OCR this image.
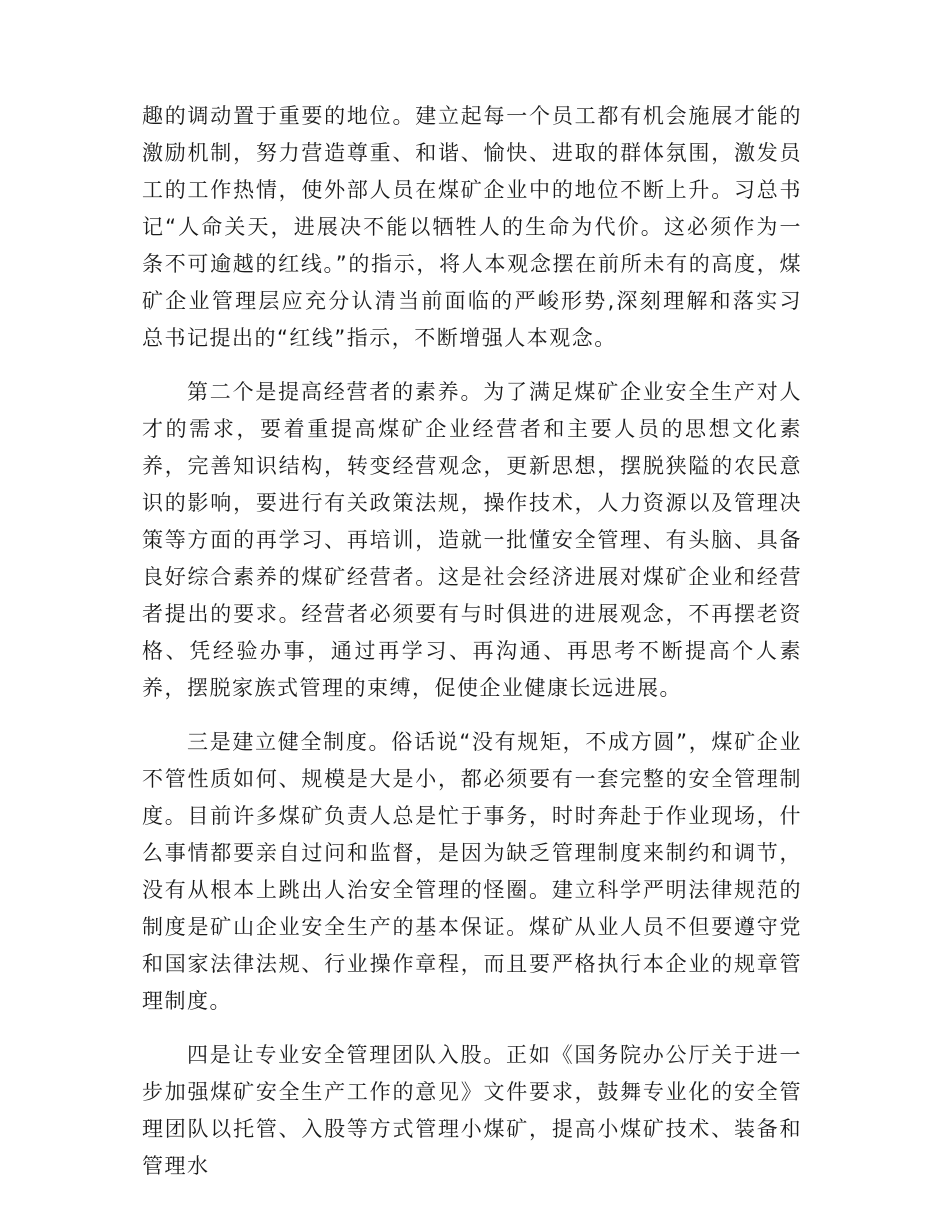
趣的调动置于重要的地位。建立起每一个员工都有机会施展才能的激励机制，努力营造尊重、和谐、愉快、进取的群体氛围，激发员工的工作热情，使外部人员在煤矿企业中的地位不断上升。习总书记“人命关天，进展决不能以牺牲人的生命为代价。这必须作为一条不可逾越的红线。”的指示，将人本观念摆在前所未有的高度，煤矿企业管理层应充分认清当前面临的严峻形势,深刻理解和落实习总书记提出的“红线”指示，不断增强人本观念。

第二个是提高经营者的素养。为了满足煤矿企业安全生产对人才的需求，要着重提高煤矿企业经营者和主要人员的思想文化素养，完善知识结构，转变经营观念，更新思想，摆脱狭隘的农民意识的影响，要进行有关政策法规，操作技术，人力资源以及管理决策等方面的再学习、再培训，造就一批懂安全管理、有头脑、具备良好综合素养的煤矿经营者。这是社会经济进展对煤矿企业和经营者提出的要求。经营者必须要有与时俱进的进展观念，不再摆老资格、凭经验办事，通过再学习、再沟通、再思考不断提高个人素养，摆脱家族式管理的束缚，促使企业健康长远进展。

三是建立健全制度。俗话说“没有规矩，不成方圆”，煤矿企业不管性质如何、规模是大是小，都必须要有一套完整的安全管理制度。目前许多煤矿负责人总是忙于事务，时时奔赴于作业现场，什么事情都要亲自过问和监督，是因为缺乏管理制度来制约和调节，没有从根本上跳出人治安全管理的怪圈。建立科学严明法律规范的制度是矿山企业安全生产的基本保证。煤矿从业人员不但要遵守党和国家法律法规、行业操作章程，而且要严格执行本企业的规章管理制度。

四是让专业安全管理团队入股。正如《国务院办公厅关于进一步加强煤矿安全生产工作的意见》文件要求，鼓舞专业化的安全管理团队以托管、入股等方式管理小煤矿，提高小煤矿技术、装备和管理水
